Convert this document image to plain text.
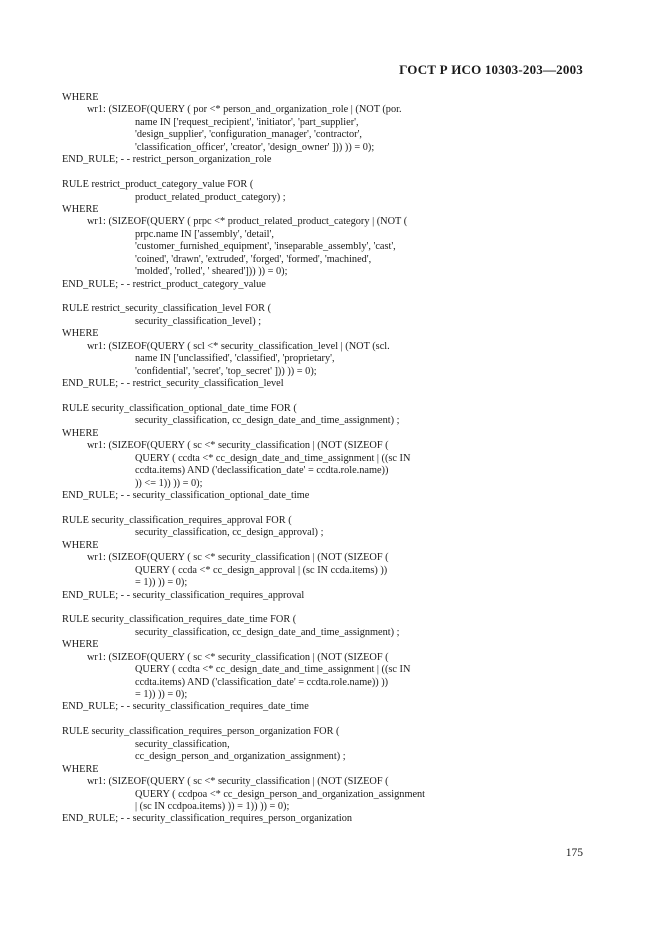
ГОСТ Р ИСО 10303-203—2003
WHERE
wr1: (SIZEOF(QUERY ( por <* person_and_organization_role | (NOT (por.
name IN ['request_recipient', 'initiator', 'part_supplier',
'design_supplier', 'configuration_manager', 'contractor',
'classification_officer', 'creator', 'design_owner' ])) )) = 0);
END_RULE; - - restrict_person_organization_role
RULE restrict_product_category_value FOR (
product_related_product_category) ;
WHERE
wr1: (SIZEOF(QUERY ( prpc <* product_related_product_category | (NOT (
prpc.name IN ['assembly', 'detail',
'customer_furnished_equipment', 'inseparable_assembly', 'cast',
'coined', 'drawn', 'extruded', 'forged', 'formed', 'machined',
'molded', 'rolled', ' sheared'])) )) = 0);
END_RULE; - - restrict_product_category_value
RULE restrict_security_classification_level FOR (
security_classification_level) ;
WHERE
wr1: (SIZEOF(QUERY ( scl <* security_classification_level | (NOT (scl.
name IN ['unclassified', 'classified', 'proprietary',
'confidential', 'secret', 'top_secret' ])) )) = 0);
END_RULE; - - restrict_security_classification_level
RULE security_classification_optional_date_time FOR (
security_classification, cc_design_date_and_time_assignment) ;
WHERE
wr1: (SIZEOF(QUERY ( sc <* security_classification | (NOT (SIZEOF (
QUERY ( ccdta <* cc_design_date_and_time_assignment | ((sc IN
ccdta.items) AND ('declassification_date' = ccdta.role.name))
)) <= 1)) )) = 0);
END_RULE; - - security_classification_optional_date_time
RULE security_classification_requires_approval FOR (
security_classification, cc_design_approval) ;
WHERE
wr1: (SIZEOF(QUERY ( sc <* security_classification | (NOT (SIZEOF (
QUERY ( ccda <* cc_design_approval | (sc IN ccda.items) ))
= 1)) )) = 0);
END_RULE; - - security_classification_requires_approval
RULE security_classification_requires_date_time FOR (
security_classification, cc_design_date_and_time_assignment) ;
WHERE
wr1: (SIZEOF(QUERY ( sc <* security_classification | (NOT (SIZEOF (
QUERY ( ccdta <* cc_design_date_and_time_assignment | ((sc IN
ccdta.items) AND ('classification_date' = ccdta.role.name)) ))
= 1)) )) = 0);
END_RULE; - - security_classification_requires_date_time
RULE security_classification_requires_person_organization FOR (
security_classification,
cc_design_person_and_organization_assignment) ;
WHERE
wr1: (SIZEOF(QUERY ( sc <* security_classification | (NOT (SIZEOF (
QUERY ( ccdpoa <* cc_design_person_and_organization_assignment
| (sc IN ccdpoa.items) )) = 1)) )) = 0);
END_RULE; - - security_classification_requires_person_organization
175
